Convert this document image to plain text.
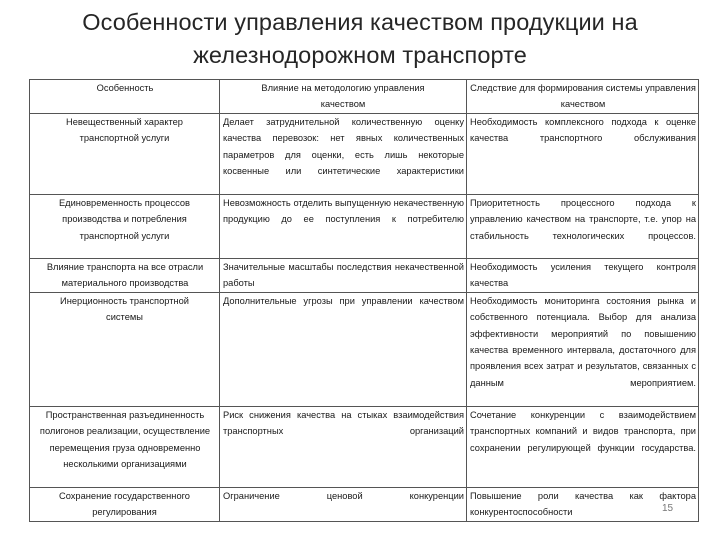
Особенности управления качеством продукции на
железнодорожном транспорте
Особенность	Влияние на методологию управления качеством	Следствие для формирования системы управления качеством
Невещественный характер транспортной услуги	Делает затруднительной количественную оценку качества перевозок: нет явных количественных параметров для оценки, есть лишь некоторые косвенные или синтетические характеристики	Необходимость комплексного подхода к оценке качества транспортного обслуживания
Единовременность процессов производства и потребления транспортной услуги	Невозможность отделить выпущенную некачественную продукцию до ее поступления к потребителю	Приоритетность процессного подхода к управлению качеством на транспорте, т.е. упор на стабильность технологических процессов.
Влияние транспорта на все отрасли материального производства	Значительные масштабы последствия некачественной работы	Необходимость усиления текущего контроля качества
Инерционность транспортной системы	Дополнительные угрозы при управлении качеством	Необходимость мониторинга состояния рынка и собственного потенциала. Выбор для анализа эффективности мероприятий по повышению качества временного интервала, достаточного для проявления всех затрат и результатов, связанных с данным мероприятием.
Пространственная разъединенность полигонов реализации, осуществление перемещения груза одновременно несколькими организациями	Риск снижения качества на стыках взаимодействия транспортных организаций	Сочетание конкуренции с взаимодействием транспортных компаний и видов транспорта, при сохранении регулирующей функции государства.
Сохранение государственного регулирования	Ограничение ценовой конкуренции	Повышение роли качества как фактора конкурентоспособности	15
